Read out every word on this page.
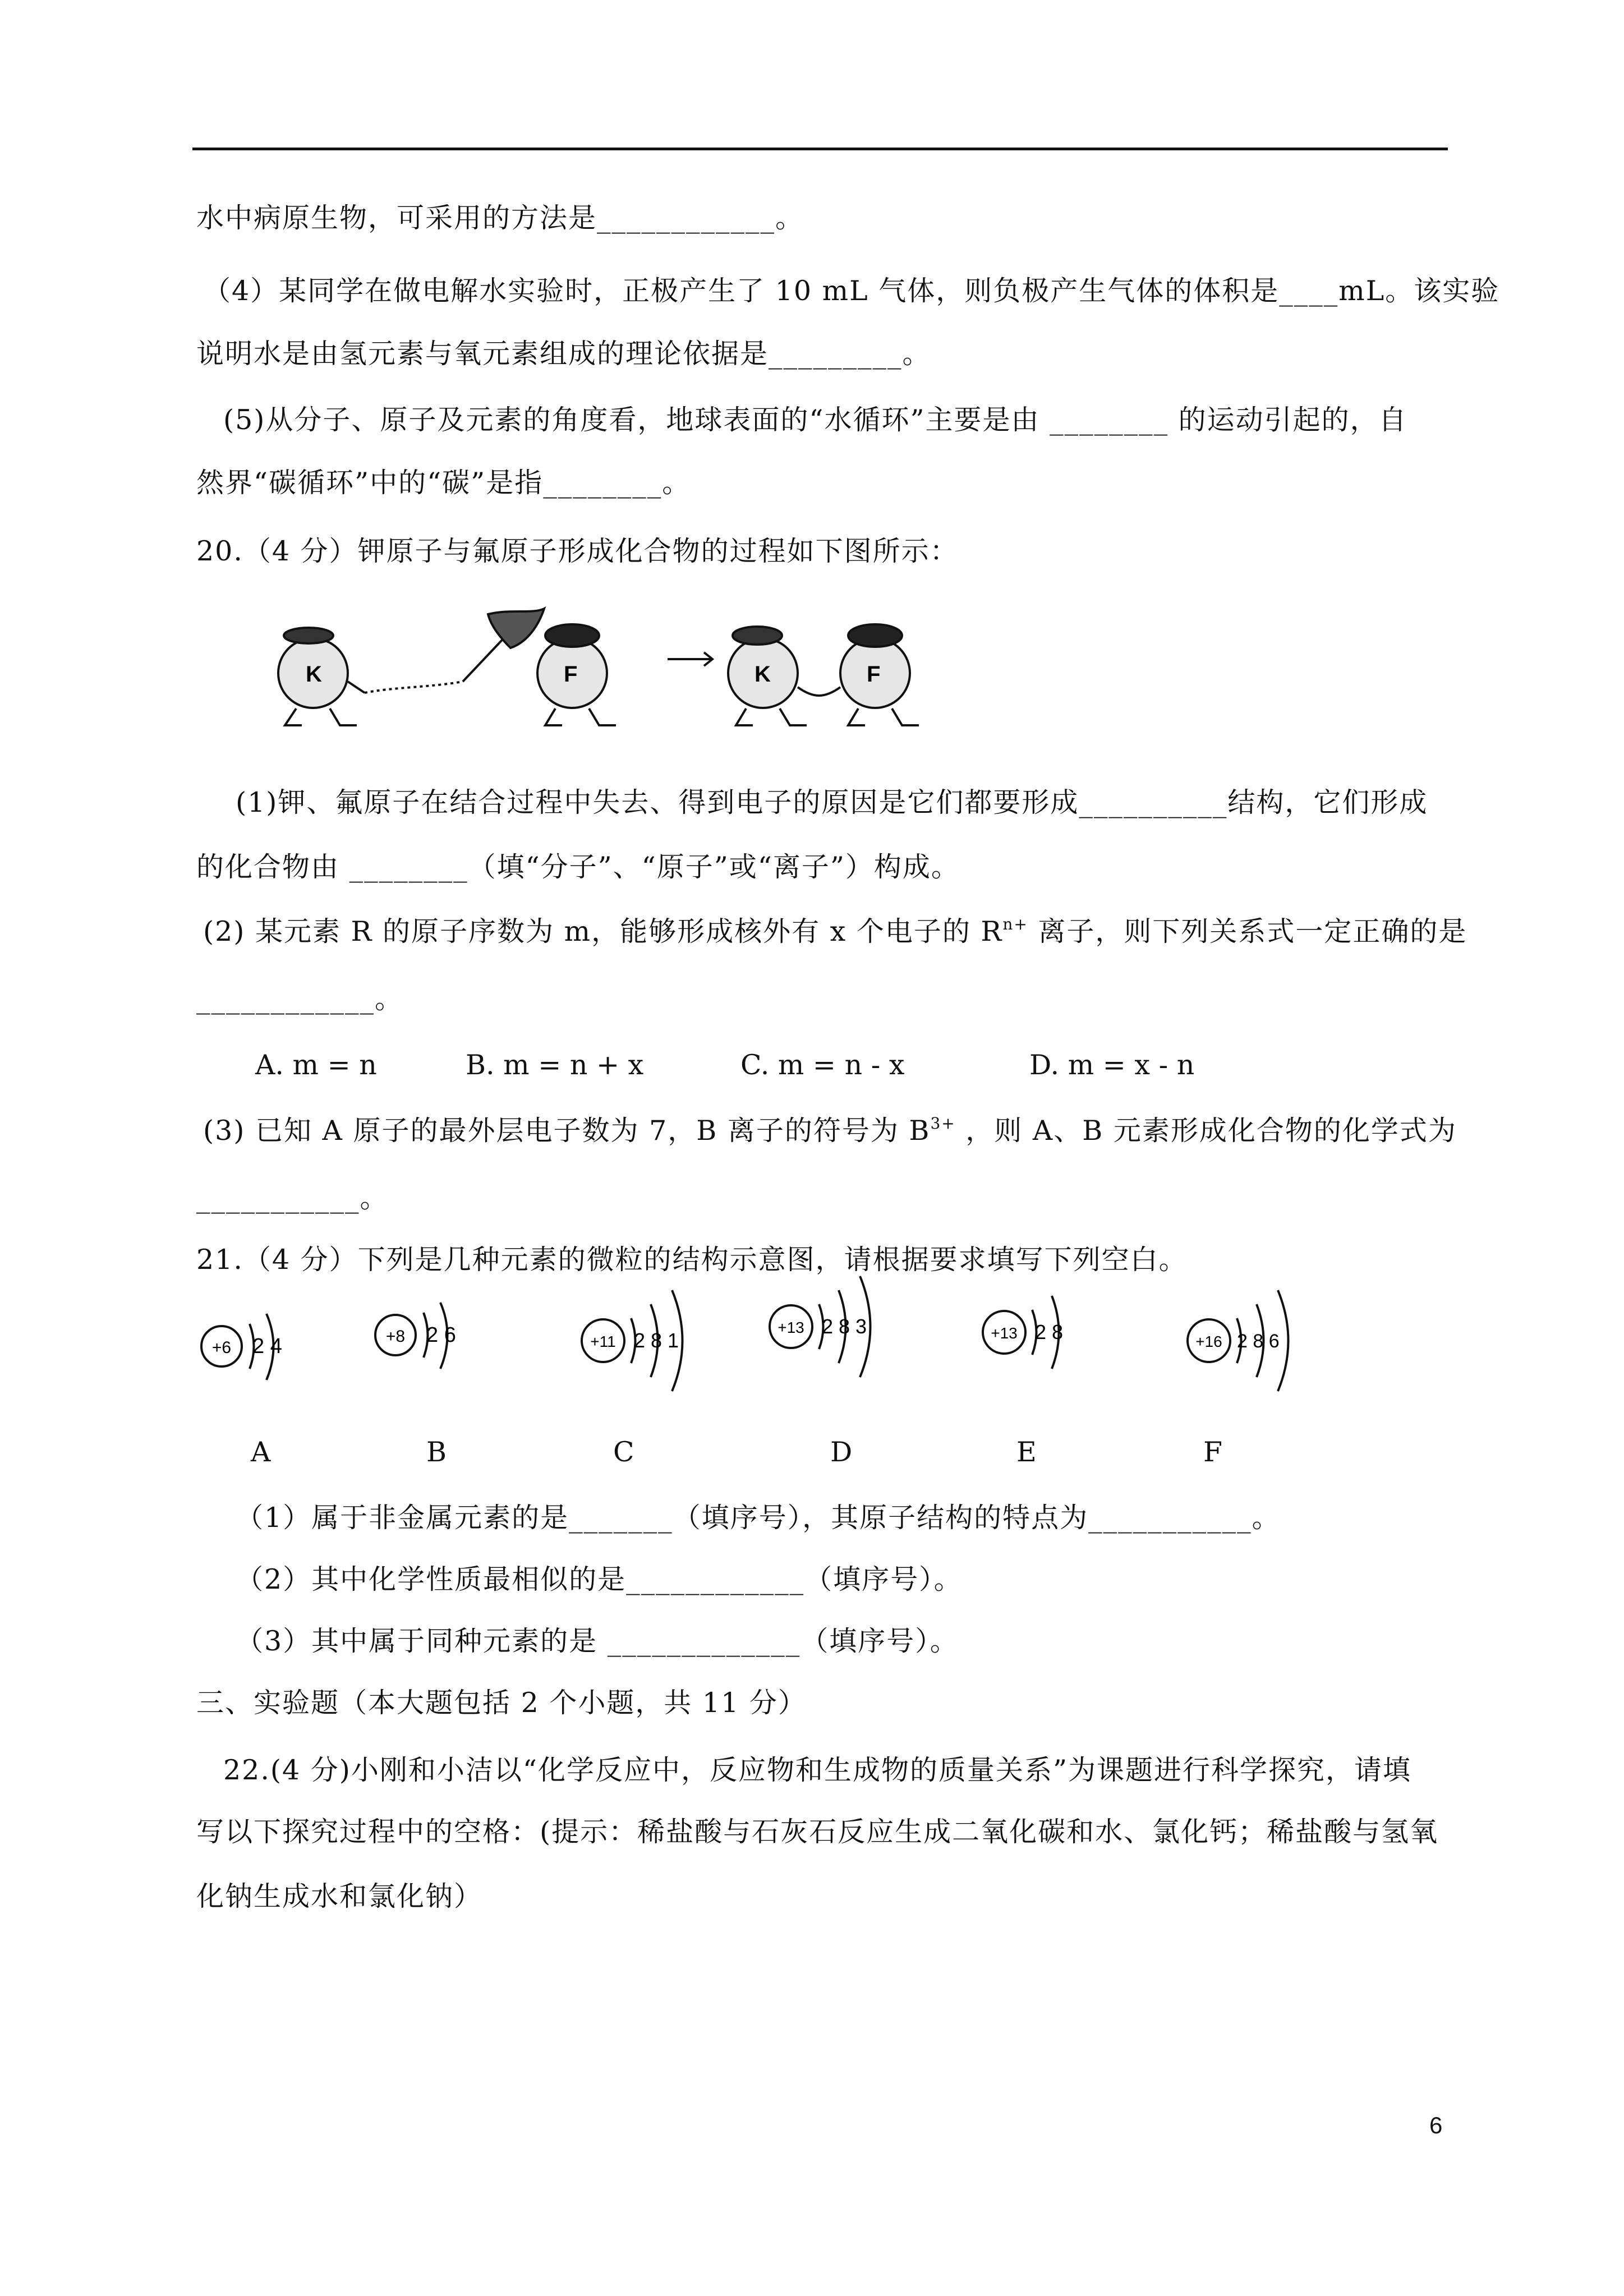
水中病原生物，可采用的方法是____________。
（4）某同学在做电解水实验时，正极产生了 10 mL 气体，则负极产生气体的体积是____mL。该实验
说明水是由氢元素与氧元素组成的理论依据是_________。
(5)从分子、原子及元素的角度看，地球表面的“水循环”主要是由 ________ 的运动引起的，自
然界“碳循环”中的“碳”是指________。
20.（4 分）钾原子与氟原子形成化合物的过程如下图所示：
K	F	K	F
(1)钾、氟原子在结合过程中失去、得到电子的原因是它们都要形成__________结构，它们形成
的化合物由 ________（填“分子”、“原子”或“离子”）构成。
(2) 某元素 R 的原子序数为 m，能够形成核外有 x 个电子的 $R^{n+}$ 离子，则下列关系式一定正确的是
____________。
A. m = n	B. m = n + x	C. m = n - x	D. m = x - n
(3) 已知 A 原子的最外层电子数为 7，B 离子的符号为 $B^{3+}$ ，则 A、B 元素形成化合物的化学式为
___________。
21.（4 分）下列是几种元素的微粒的结构示意图，请根据要求填写下列空白。
+6 2 4	+8 2 6	+11 2 8 1
+13 2 8 3	+13 2 8	+16 2 8 6
A	B	C	D	E	F
（1）属于非金属元素的是_______（填序号），其原子结构的特点为___________。
（2）其中化学性质最相似的是____________（填序号）。
（3）其中属于同种元素的是 _____________（填序号）。
三、实验题（本大题包括 2 个小题，共 11 分）
22.(4 分)小刚和小洁以“化学反应中，反应物和生成物的质量关系”为课题进行科学探究，请填
写以下探究过程中的空格：(提示：稀盐酸与石灰石反应生成二氧化碳和水、氯化钙；稀盐酸与氢氧
化钠生成水和氯化钠）
6
